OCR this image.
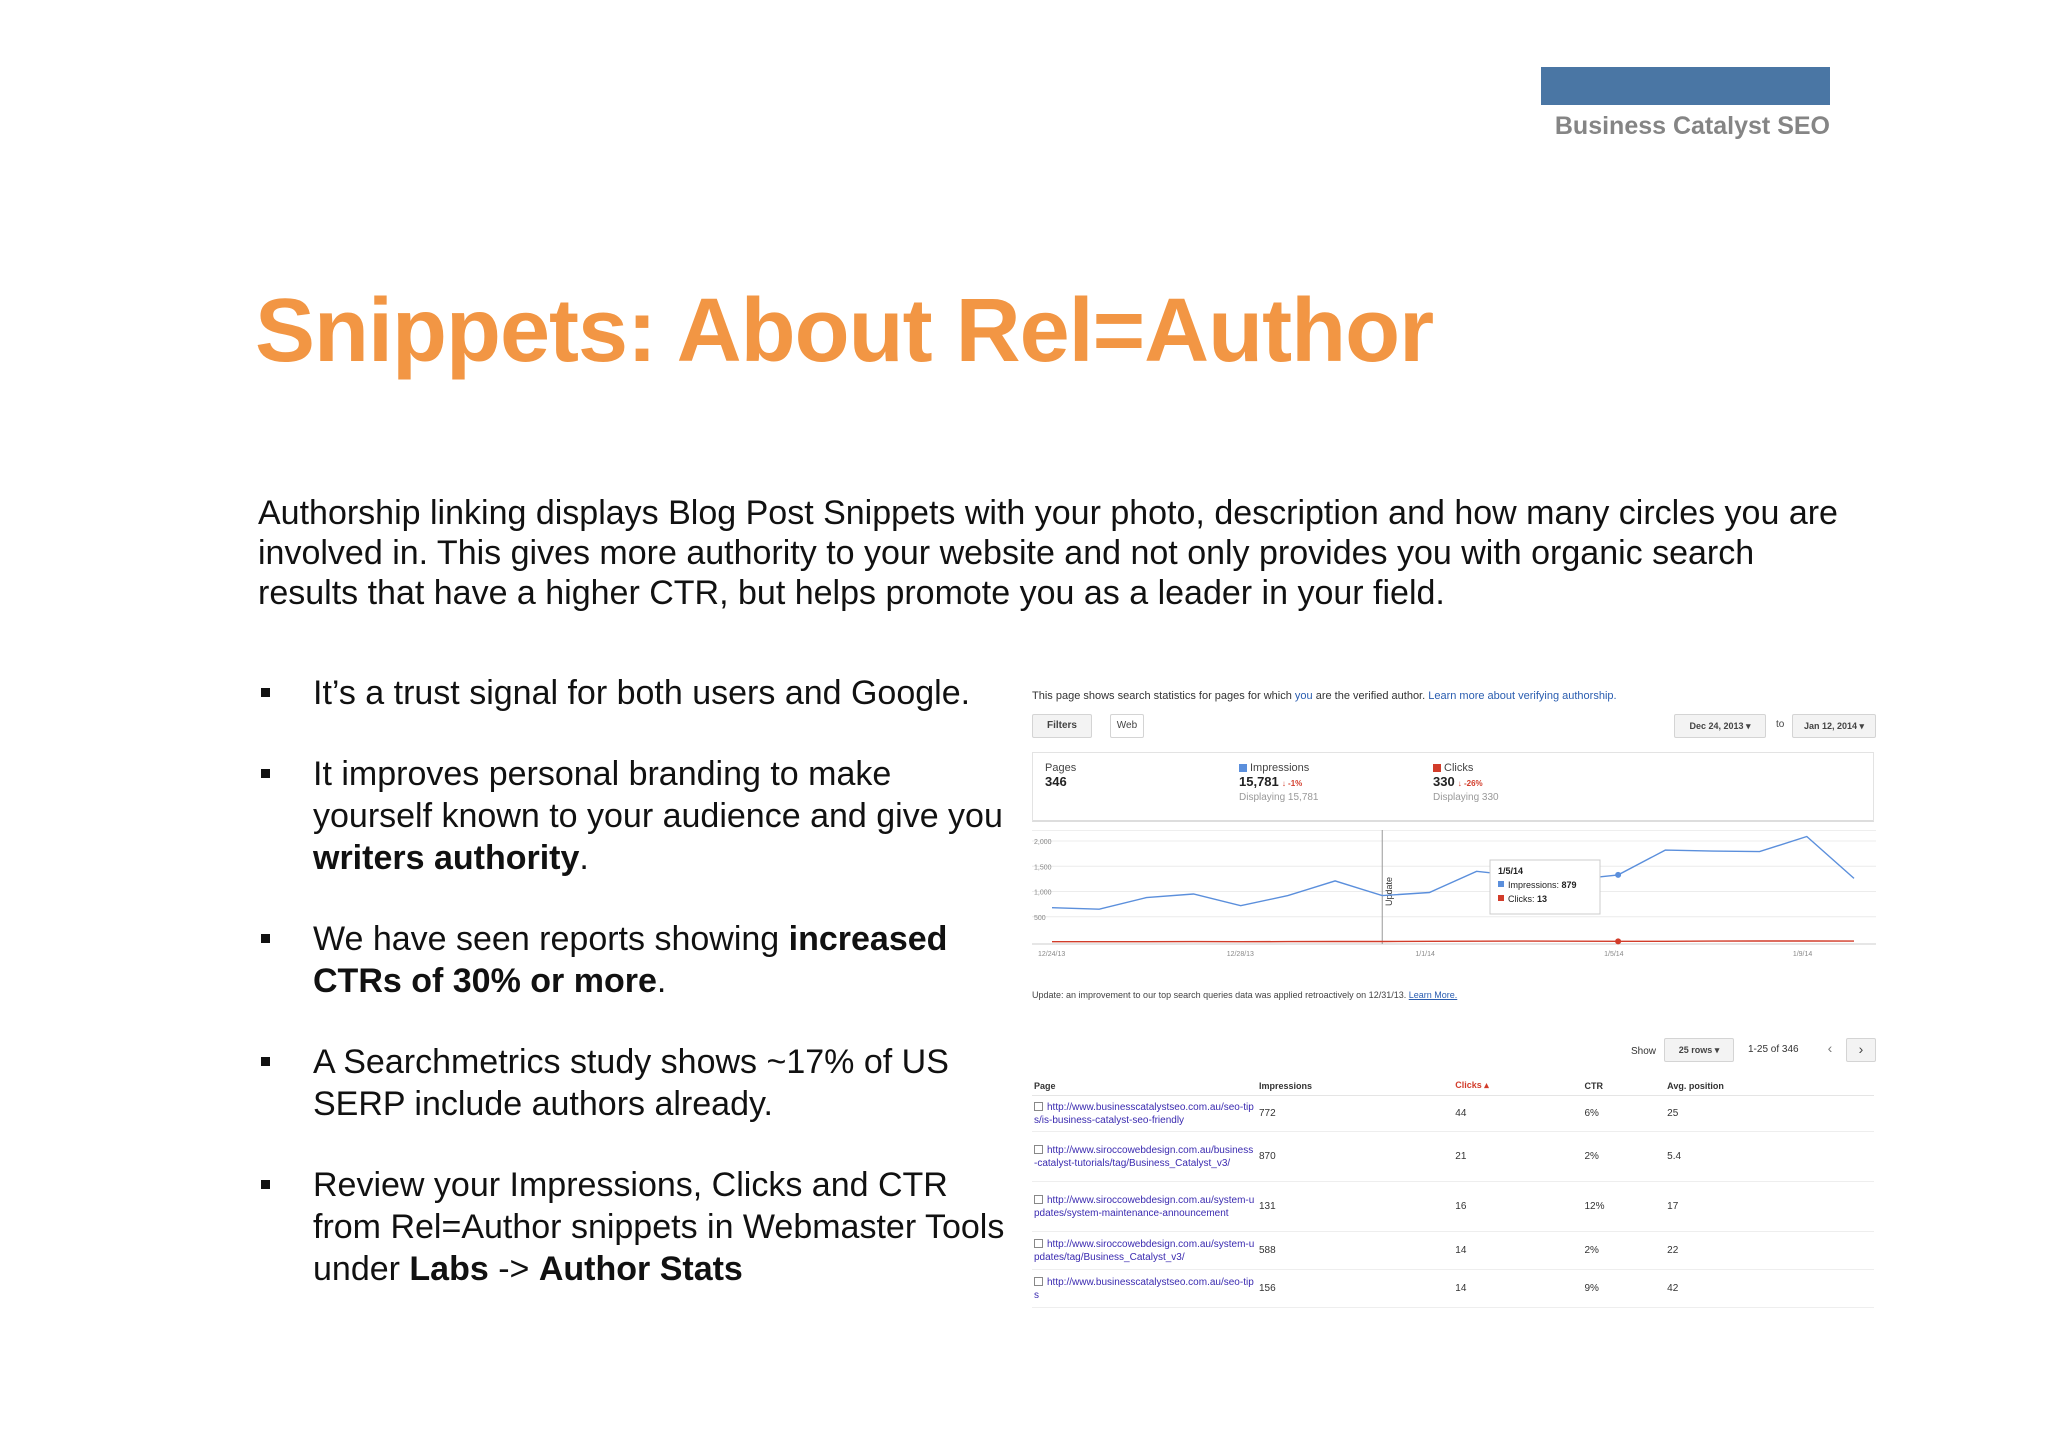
Business Catalyst SEO
Snippets: About Rel=Author

Authorship linking displays Blog Post Snippets with your photo, description and how many circles you are involved in. This gives more authority to your website and not only provides you with organic search results that have a higher CTR, but helps promote you as a leader in your field.

It’s a trust signal for both users and Google.
It improves personal branding to make yourself known to your audience and give you writers authority.
We have seen reports showing increased CTRs of 30% or more.
A Searchmetrics study shows ~17% of US SERP include authors already.
Review your Impressions, Clicks and CTR from Rel=Author snippets in Webmaster Tools under Labs -> Author Stats
This page shows search statistics for pages for which you are the verified author. Learn more about verifying authorship.
Filters	Web	Dec 24, 2013 ▾	to	Jan 12, 2014 ▾
Pages
346
Impressions
15,781 ↓ -1%
Displaying 15,781
Clicks
330 ↓ -26%
Displaying 330
2,000
1,500
1,000
500
Update
12/24/13	12/28/13	1/1/14	1/5/14	1/9/14
1/5/14
Impressions: 879
Clicks: 13
Update: an improvement to our top search queries data was applied retroactively on 12/31/13. Learn More.
Show	25 rows ▾	1-25 of 346	‹	›
Page	Impressions	Clicks ▴	CTR	Avg. position
http://www.businesscatalystseo.com.au/seo-tips/is-business-catalyst-seo-friendly	772	44	6%	25
http://www.siroccowebdesign.com.au/business-catalyst-tutorials/tag/Business_Catalyst_v3/	870	21	2%	5.4
http://www.siroccowebdesign.com.au/system-updates/system-maintenance-announcement	131	16	12%	17
http://www.siroccowebdesign.com.au/system-updates/tag/Business_Catalyst_v3/	588	14	2%	22
http://www.businesscatalystseo.com.au/seo-tips	156	14	9%	42
